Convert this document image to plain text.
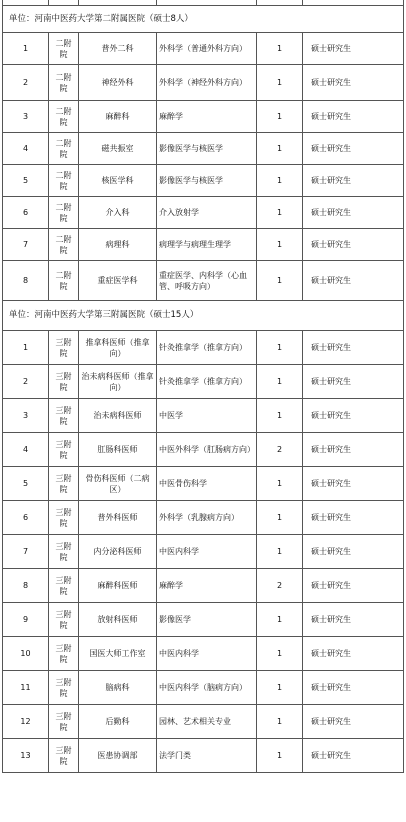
单位：河南中医药大学第二附属医院（硕士8人）					
1	二附院	普外二科	外科学（普通外科方向）	1	硕士研究生
2	二附院	神经外科	外科学（神经外科方向）	1	硕士研究生
3	二附院	麻醉科	麻醉学	1	硕士研究生
4	二附院	磁共振室	影像医学与核医学	1	硕士研究生
5	二附院	核医学科	影像医学与核医学	1	硕士研究生
6	二附院	介入科	介入放射学	1	硕士研究生
7	二附院	病理科	病理学与病理生理学	1	硕士研究生
8	二附院	重症医学科	重症医学、内科学（心血管、呼吸方向）	1	硕士研究生
单位：河南中医药大学第三附属医院（硕士15人）					
1	三附院	推拿科医师（推拿向）	针灸推拿学（推拿方向）	1	硕士研究生
2	三附院	治未病科医师（推拿向）	针灸推拿学（推拿方向）	1	硕士研究生
3	三附院	治未病科医师	中医学	1	硕士研究生
4	三附院	肛肠科医师	中医外科学（肛肠病方向）	2	硕士研究生
5	三附院	骨伤科医师（二病区）	中医骨伤科学	1	硕士研究生
6	三附院	普外科医师	外科学（乳腺病方向）	1	硕士研究生
7	三附院	内分泌科医师	中医内科学	1	硕士研究生
8	三附院	麻醉科医师	麻醉学	2	硕士研究生
9	三附院	放射科医师	影像医学	1	硕士研究生
10	三附院	国医大师工作室	中医内科学	1	硕士研究生
11	三附院	脑病科	中医内科学（脑病方向）	1	硕士研究生
12	三附院	后勤科	园林、艺术相关专业	1	硕士研究生
13	三附院	医患协调部	法学门类	1	硕士研究生
